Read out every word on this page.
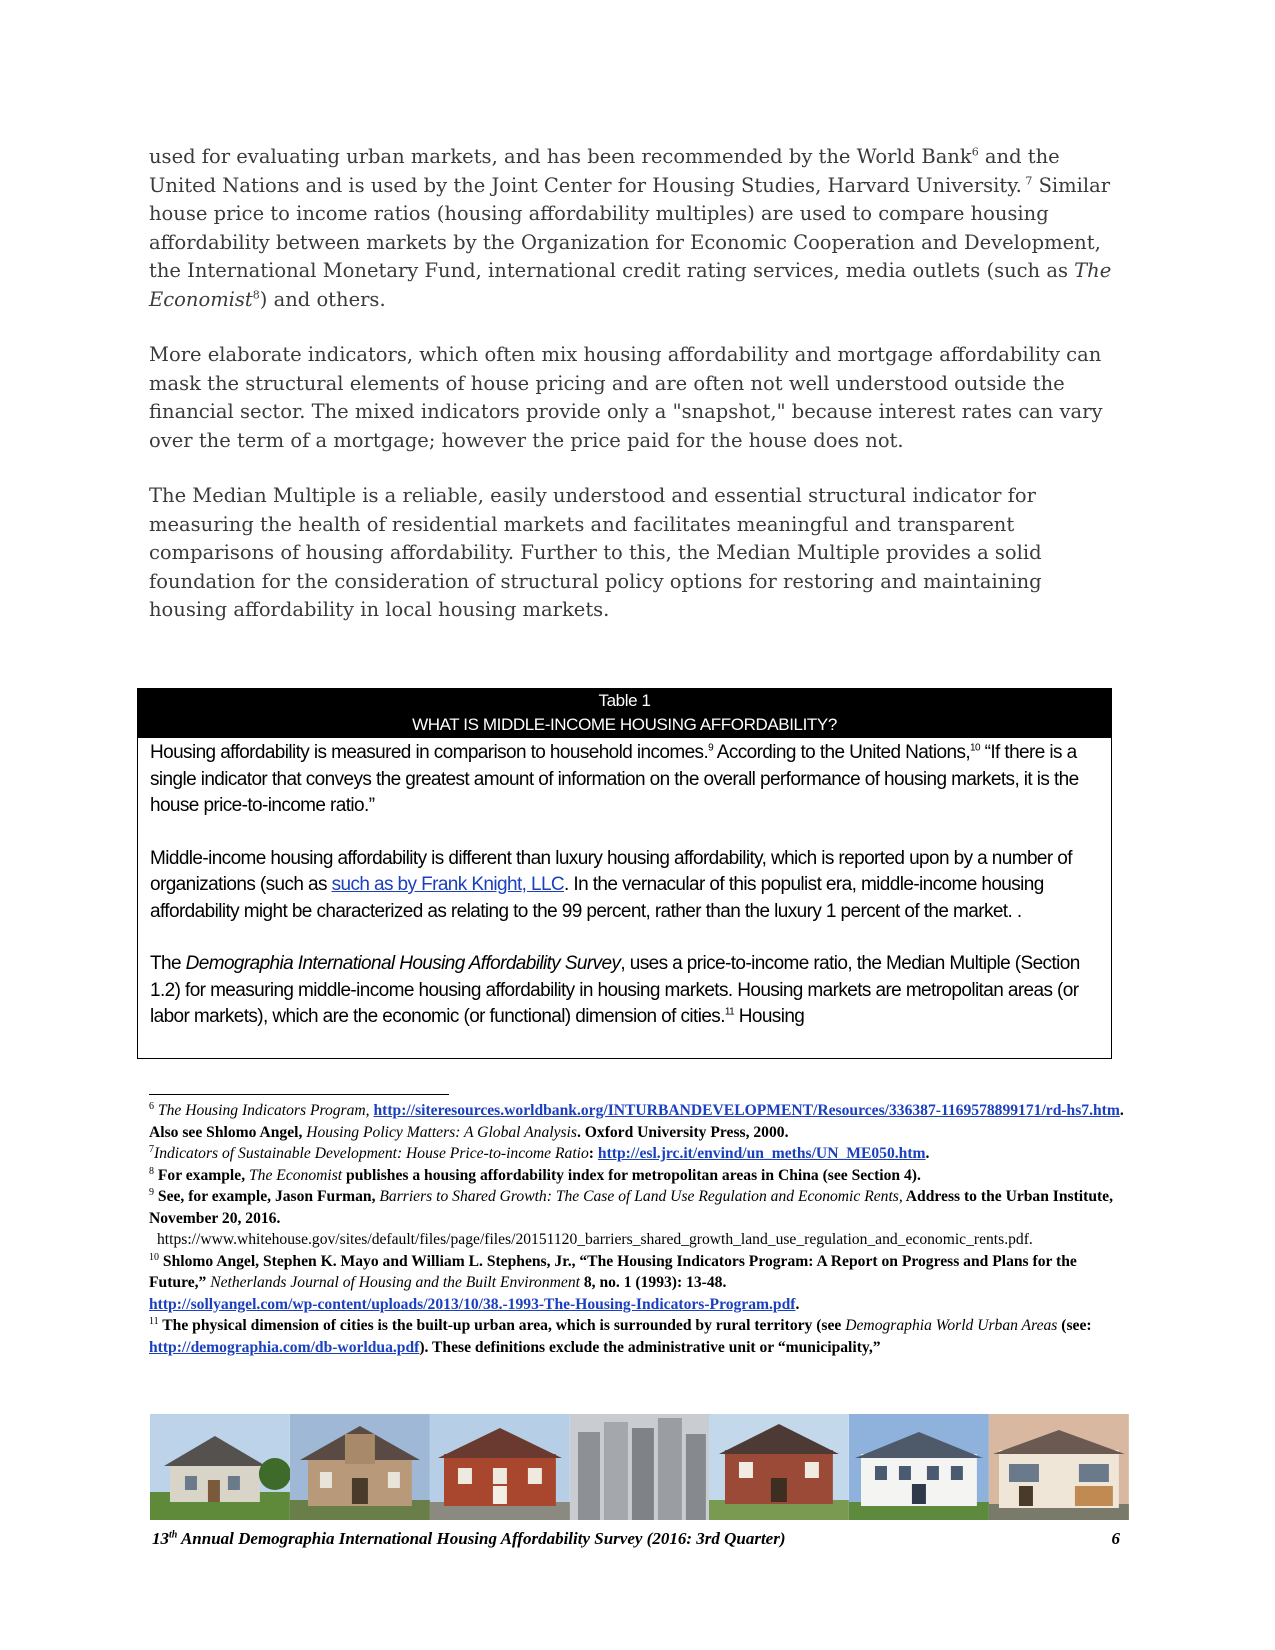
used for evaluating urban markets, and has been recommended by the World Bank$^6$ and the United Nations and is used by the Joint Center for Housing Studies, Harvard University. $^7$ Similar house price to income ratios (housing affordability multiples) are used to compare housing affordability between markets by the Organization for Economic Cooperation and Development, the International Monetary Fund, international credit rating services, media outlets (such as The Economist$^8$) and others.

More elaborate indicators, which often mix housing affordability and mortgage affordability can mask the structural elements of house pricing and are often not well understood outside the financial sector. The mixed indicators provide only a "snapshot," because interest rates can vary over the term of a mortgage; however the price paid for the house does not.

The Median Multiple is a reliable, easily understood and essential structural indicator for measuring the health of residential markets and facilitates meaningful and transparent comparisons of housing affordability. Further to this, the Median Multiple provides a solid foundation for the consideration of structural policy options for restoring and maintaining housing affordability in local housing markets.

Table 1
WHAT IS MIDDLE-INCOME HOUSING AFFORDABILITY?

Housing affordability is measured in comparison to household incomes.$^9$ According to the United Nations,$^{10}$ “If there is a single indicator that conveys the greatest amount of information on the overall performance of housing markets, it is the house price-to-income ratio.”

Middle-income housing affordability is different than luxury housing affordability, which is reported upon by a number of organizations (such as such as by Frank Knight, LLC. In the vernacular of this populist era, middle-income housing affordability might be characterized as relating to the 99 percent, rather than the luxury 1 percent of the market. .

The Demographia International Housing Affordability Survey, uses a price-to-income ratio, the Median Multiple (Section 1.2) for measuring middle-income housing affordability in housing markets. Housing markets are metropolitan areas (or labor markets), which are the economic (or functional) dimension of cities.$^{11}$ Housing

$^6$ The Housing Indicators Program, http://siteresources.worldbank.org/INTURBANDEVELOPMENT/Resources/336387-1169578899171/rd-hs7.htm. Also see Shlomo Angel, Housing Policy Matters: A Global Analysis. Oxford University Press, 2000.

$^7$Indicators of Sustainable Development: House Price-to-income Ratio: http://esl.jrc.it/envind/un_meths/UN_ME050.htm.

$^8$ For example, The Economist publishes a housing affordability index for metropolitan areas in China (see Section 4).

$^9$ See, for example, Jason Furman, Barriers to Shared Growth: The Case of Land Use Regulation and Economic Rents, Address to the Urban Institute, November 20, 2016.

https://www.whitehouse.gov/sites/default/files/page/files/20151120_barriers_shared_growth_land_use_regulation_and_economic_rents.pdf.

$^{10}$ Shlomo Angel, Stephen K. Mayo and William L. Stephens, Jr., “The Housing Indicators Program: A Report on Progress and Plans for the Future,” Netherlands Journal of Housing and the Built Environment 8, no. 1 (1993): 13-48.
http://sollyangel.com/wp-content/uploads/2013/10/38.-1993-The-Housing-Indicators-Program.pdf.

$^{11}$ The physical dimension of cities is the built-up urban area, which is surrounded by rural territory (see Demographia World Urban Areas (see: http://demographia.com/db-worldua.pdf). These definitions exclude the administrative unit or “municipality,”

13th Annual Demographia International Housing Affordability Survey (2016: 3rd Quarter)	6
